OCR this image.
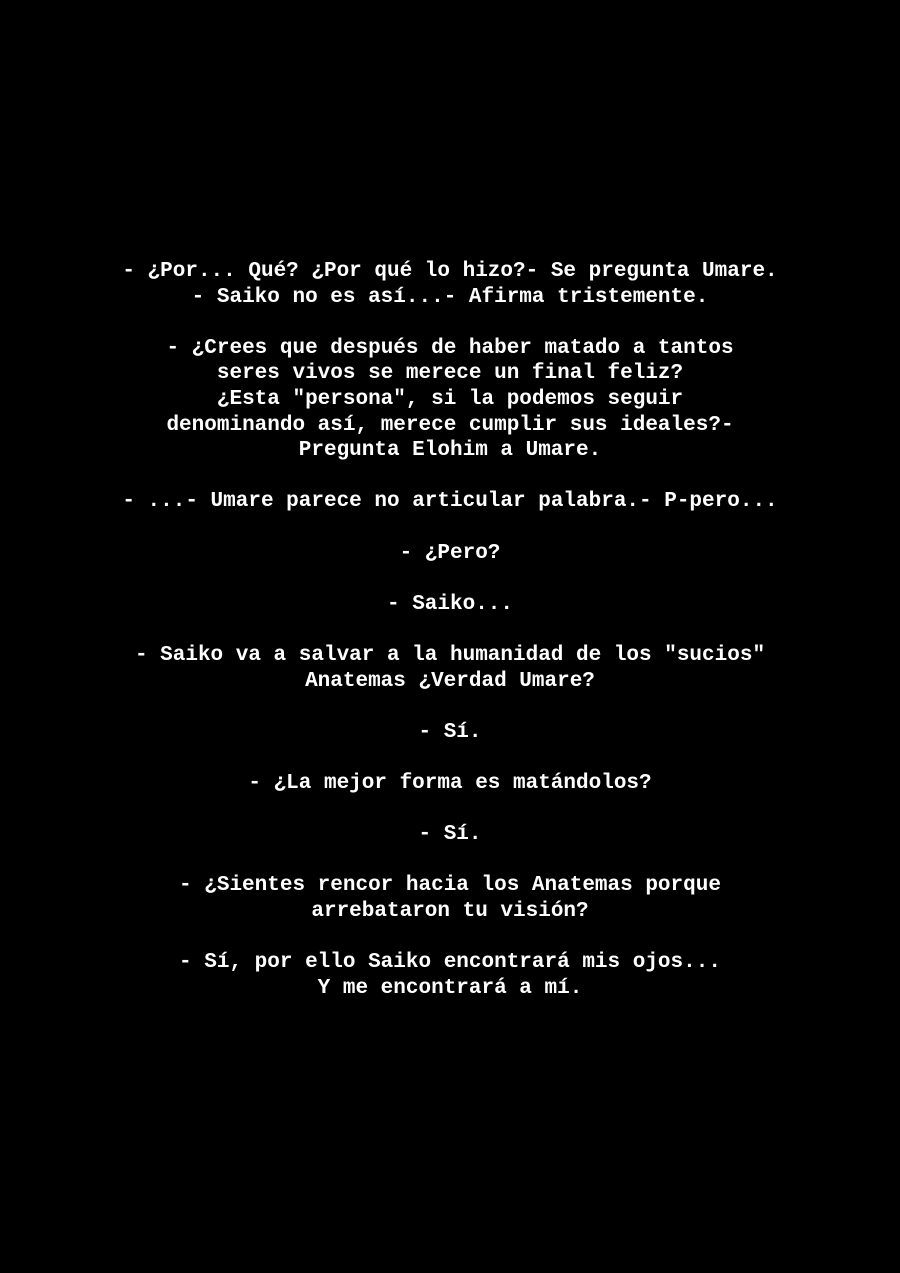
- ¿Por... Qué? ¿Por qué lo hizo?- Se pregunta Umare.
- Saiko no es así...- Afirma tristemente.

- ¿Crees que después de haber matado a tantos
seres vivos se merece un final feliz?
¿Esta "persona", si la podemos seguir
denominando así, merece cumplir sus ideales?-
Pregunta Elohim a Umare.

- ...- Umare parece no articular palabra.- P-pero...

- ¿Pero?

- Saiko...

- Saiko va a salvar a la humanidad de los "sucios"
Anatemas ¿Verdad Umare?

- Sí.

- ¿La mejor forma es matándolos?

- Sí.

- ¿Sientes rencor hacia los Anatemas porque
arrebataron tu visión?

- Sí, por ello Saiko encontrará mis ojos...
Y me encontrará a mí.
